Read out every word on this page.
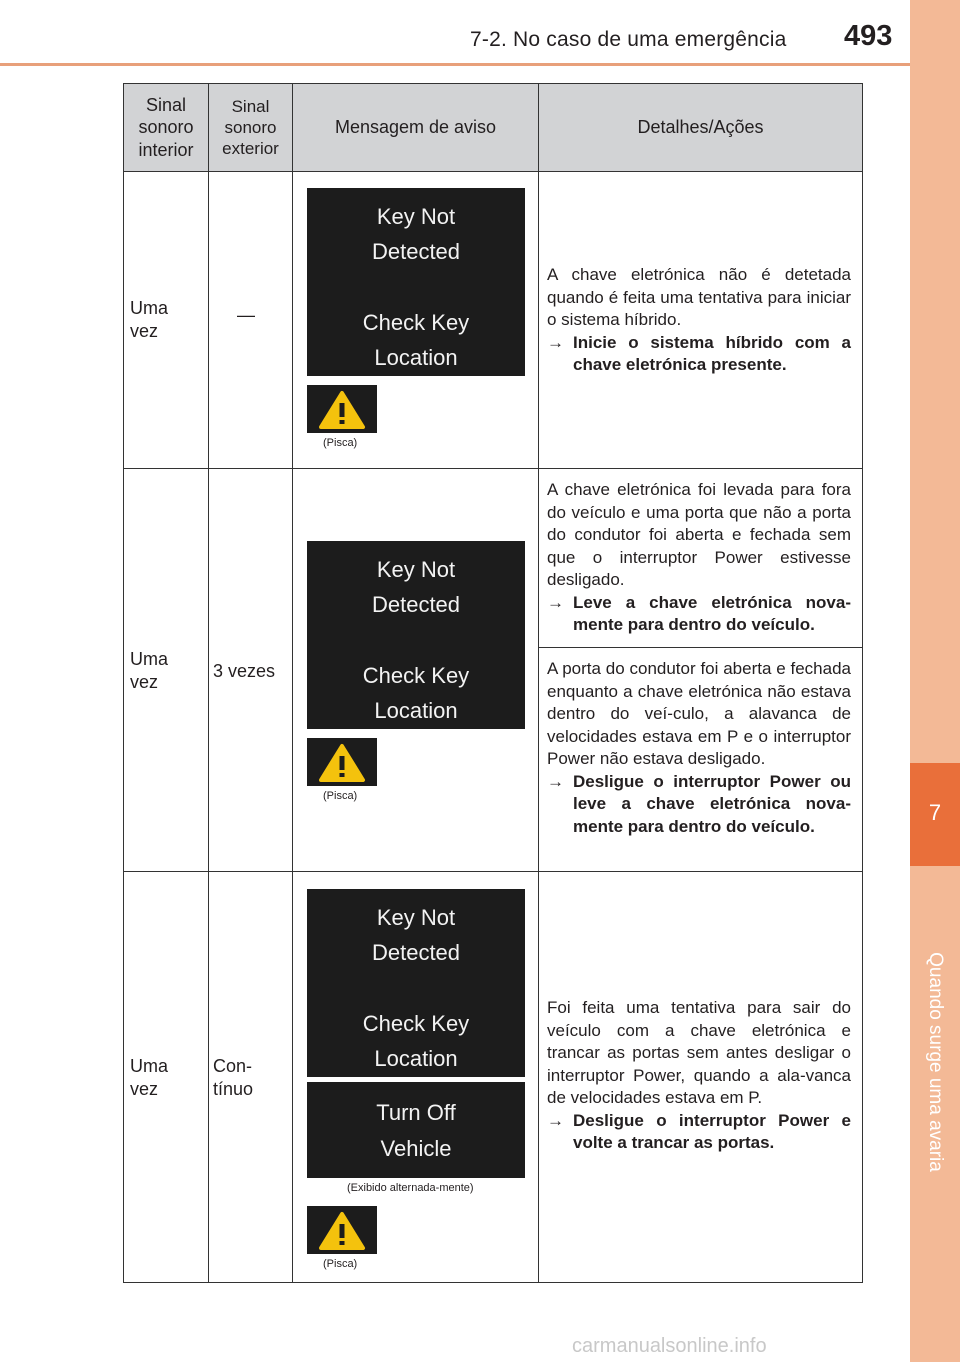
7-2. No caso de uma emergência 493
7
Quando surge uma avaria
Sinal
sonoro
interior
Sinal
sonoro
exterior
Mensagem de aviso	Detalhes/Ações
Uma
vez
—
Key Not
Detected
Check Key
Location
(Pisca)
A chave eletrónica não é detetada quando é feita uma tentativa para iniciar o sistema híbrido.
→ Inicie o sistema híbrido com a chave eletrónica presente.
Uma
vez
3 vezes
Key Not
Detected
Check Key
Location
(Pisca)
A chave eletrónica foi levada para fora do veículo e uma porta que não a porta do condutor foi aberta e fechada sem que o interruptor Power estivesse desligado.
→ Leve a chave eletrónica nova-mente para dentro do veículo.
A porta do condutor foi aberta e fechada enquanto a chave eletrónica não estava dentro do veí-culo, a alavanca de velocidades estava em P e o interruptor Power não estava desligado.
→ Desligue o interruptor Power ou leve a chave eletrónica nova-mente para dentro do veículo.
Uma
vez
Con-
tínuo
Key Not
Detected
Check Key
Location
Turn Off
Vehicle
(Exibido alternada-mente)
(Pisca)
Foi feita uma tentativa para sair do veículo com a chave eletrónica e trancar as portas sem antes desligar o interruptor Power, quando a ala-vanca de velocidades estava em P.
→ Desligue o interruptor Power e volte a trancar as portas.
carmanualsonline.info
